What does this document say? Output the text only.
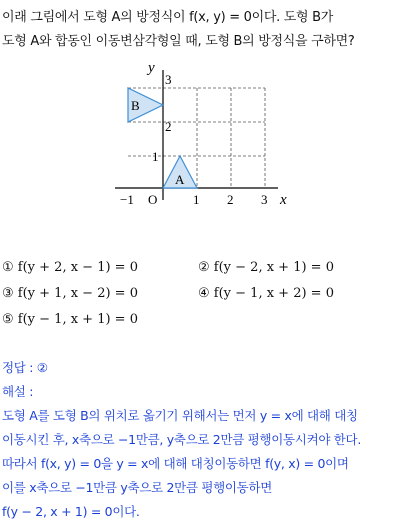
이래 그림에서 도형 A의 방정식이 f(x, y) = 0이다. 도형 B가
도형 A와 합동인 이동변삼각형일 때, 도형 B의 방정식을 구하면?
y
x
O
−1	1 2 3
1
2
3
A
B
① f(y + 2, x − 1) = 0	② f(y − 2, x + 1) = 0
③ f(y + 1, x − 2) = 0	④ f(y − 1, x + 2) = 0
⑤ f(y − 1, x + 1) = 0
정답 : ②
해설 :
도형 A를 도형 B의 위치로 옮기기 위해서는 먼저 y = x에 대해 대칭
이동시킨 후, x축으로 −1만큼, y축으로 2만큼 평행이동시켜야 한다.
따라서 f(x, y) = 0을 y = x에 대해 대칭이동하면 f(y, x) = 0이며
이를 x축으로 −1만큼 y축으로 2만큼 평행이동하면
f(y − 2, x + 1) = 0이다.
